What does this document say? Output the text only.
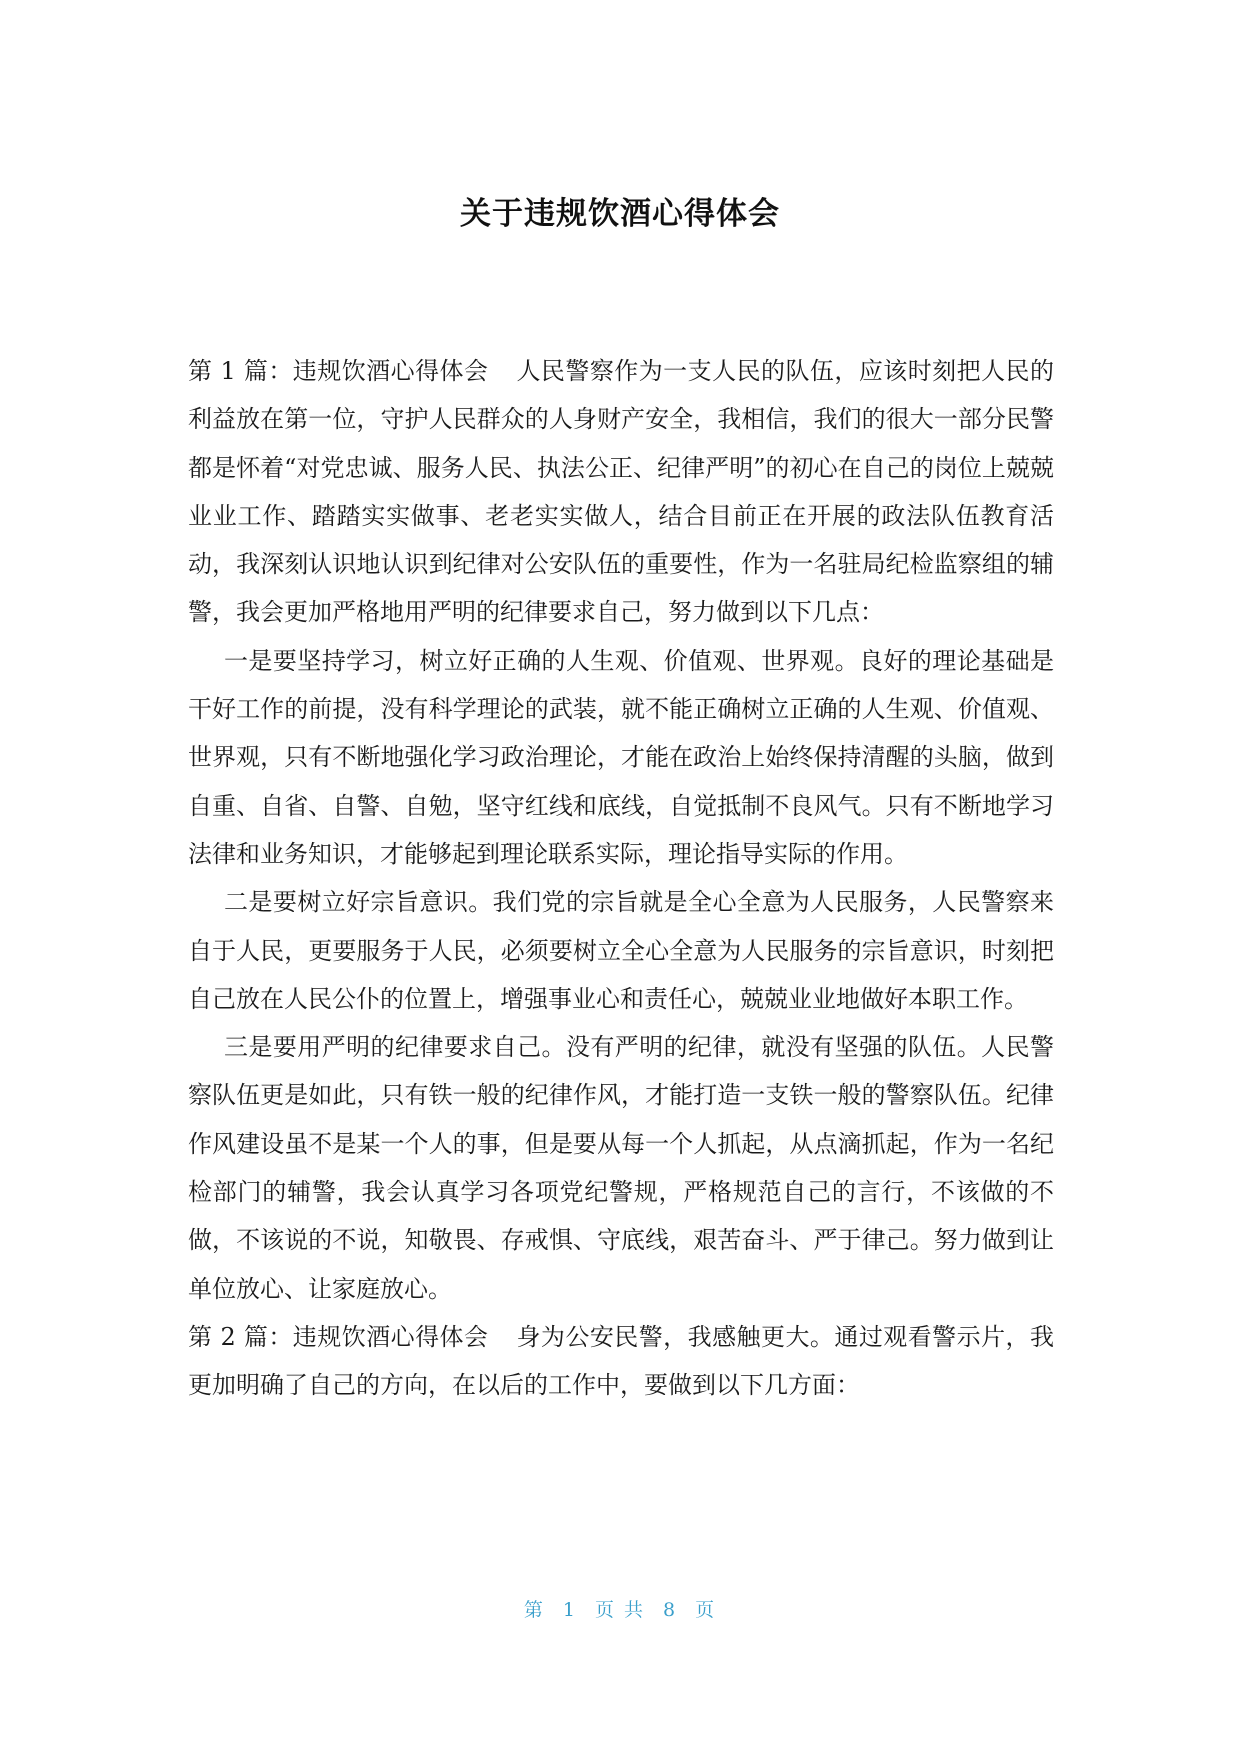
关于违规饮酒心得体会

第 1 篇：违规饮酒心得体会 人民警察作为一支人民的队伍，应该时刻把人民的利益放在第一位，守护人民群众的人身财产安全，我相信，我们的很大一部分民警都是怀着“对党忠诚、服务人民、执法公正、纪律严明”的初心在自己的岗位上兢兢业业工作、踏踏实实做事、老老实实做人，结合目前正在开展的政法队伍教育活动，我深刻认识地认识到纪律对公安队伍的重要性，作为一名驻局纪检监察组的辅警，我会更加严格地用严明的纪律要求自己，努力做到以下几点：

一是要坚持学习，树立好正确的人生观、价值观、世界观。良好的理论基础是干好工作的前提，没有科学理论的武装，就不能正确树立正确的人生观、价值观、世界观，只有不断地强化学习政治理论，才能在政治上始终保持清醒的头脑，做到自重、自省、自警、自勉，坚守红线和底线，自觉抵制不良风气。只有不断地学习法律和业务知识，才能够起到理论联系实际，理论指导实际的作用。

二是要树立好宗旨意识。我们党的宗旨就是全心全意为人民服务，人民警察来自于人民，更要服务于人民，必须要树立全心全意为人民服务的宗旨意识，时刻把自己放在人民公仆的位置上，增强事业心和责任心，兢兢业业地做好本职工作。

三是要用严明的纪律要求自己。没有严明的纪律，就没有坚强的队伍。人民警察队伍更是如此，只有铁一般的纪律作风，才能打造一支铁一般的警察队伍。纪律作风建设虽不是某一个人的事，但是要从每一个人抓起，从点滴抓起，作为一名纪检部门的辅警，我会认真学习各项党纪警规，严格规范自己的言行，不该做的不做，不该说的不说，知敬畏、存戒惧、守底线，艰苦奋斗、严于律己。努力做到让单位放心、让家庭放心。

第 2 篇：违规饮酒心得体会 身为公安民警，我感触更大。通过观看警示片，我更加明确了自己的方向，在以后的工作中，要做到以下几方面：

第 1 页 共 8 页
